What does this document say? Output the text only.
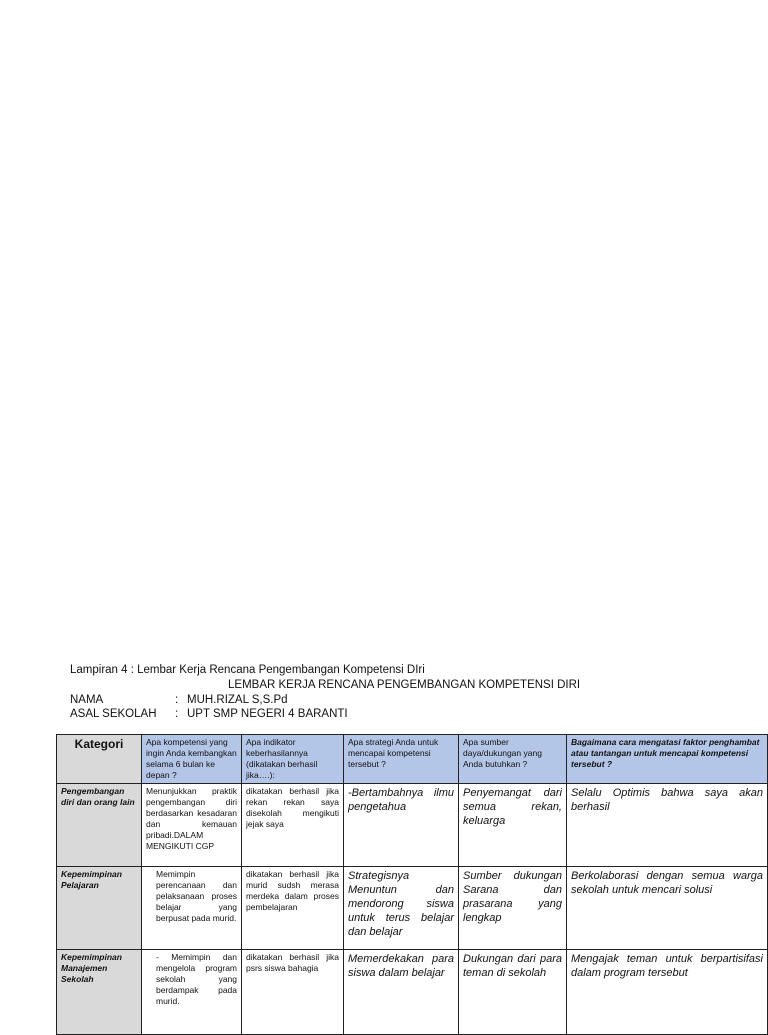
Lampiran 4 : Lembar Kerja Rencana Pengembangan Kompetensi DIri
LEMBAR KERJA RENCANA PENGEMBANGAN KOMPETENSI DIRI
NAMA	: MUH.RIZAL S,S.Pd
ASAL SEKOLAH : UPT SMP NEGERI 4 BARANTI
Kategori	Apa kompetensi yang ingin Anda kembangkan selama 6 bulan ke depan ?	Apa indikator keberhasilannya (dikatakan berhasil jika….):	Apa strategi Anda untuk mencapai kompetensi tersebut ?	Apa sumber daya/dukungan yang Anda butuhkan ?	Bagaimana cara mengatasi faktor penghambat atau tantangan untuk mencapai kompetensi tersebut ?
Pengembangan diri dan orang lain	Menunjukkan praktik pengembangan diri berdasarkan kesadaran dan kemauan pribadi.DALAM MENGIKUTI CGP	dikatakan berhasil jika rekan rekan saya disekolah mengikuti jejak saya	-Bertambahnya ilmu pengetahua	Penyemangat dari semua rekan, keluarga	Selalu Optimis bahwa saya akan berhasil
Kepemimpinan Pelajaran	Memimpin perencanaan dan pelaksanaan proses belajar yang berpusat pada murid.	dikatakan berhasil jika murid sudsh merasa merdeka dalam proses pembelajaran	Strategisnya Menuntun dan mendorong siswa untuk terus belajar dan belajar	Sumber dukungan Sarana dan prasarana yang lengkap	Berkolaborasi dengan semua warga sekolah untuk mencari solusi
Kepemimpinan Manajemen Sekolah	- Memimpin dan mengelola program sekolah yang berdampak pada murid.	dikatakan berhasil jika psrs siswa bahagia	Memerdekakan para siswa dalam belajar	Dukungan dari para teman di sekolah	Mengajak teman untuk berpartisifasi dalam program tersebut
